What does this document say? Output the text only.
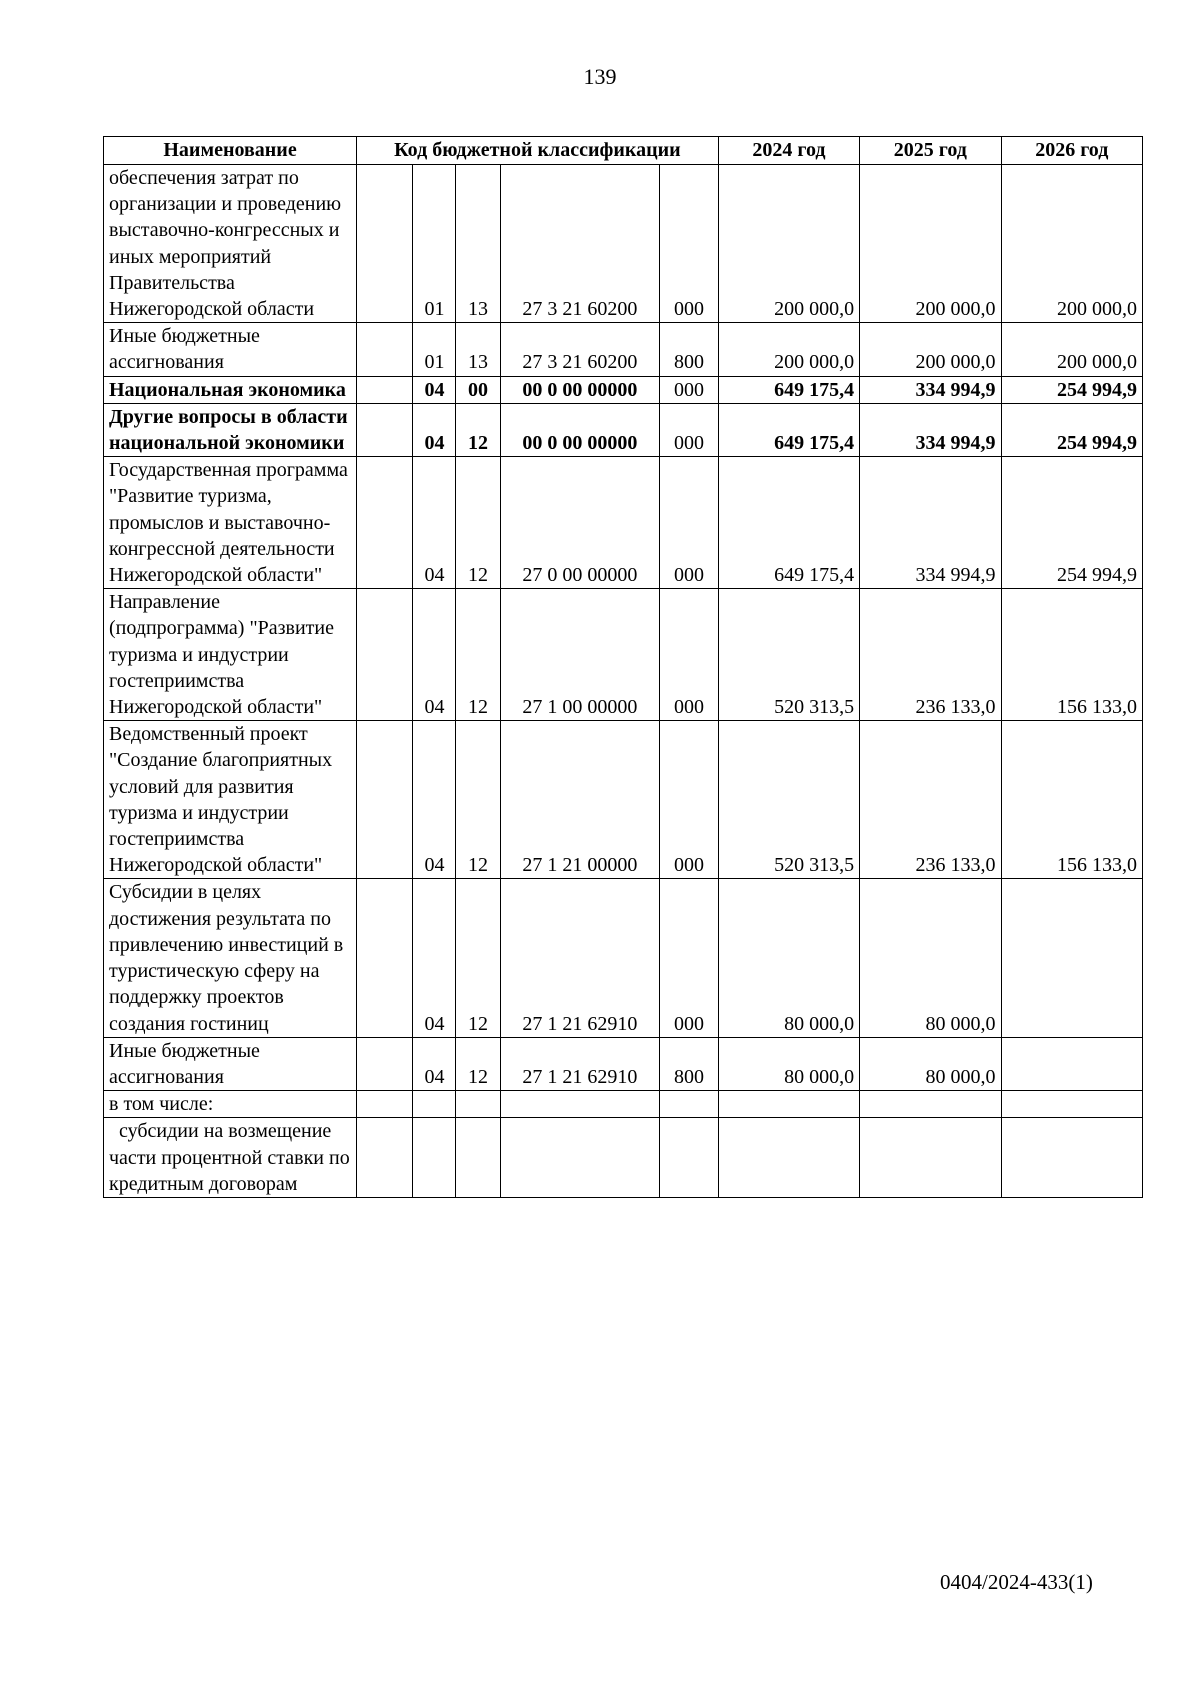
139
Наименование	Код бюджетной классификации					2024 год	2025 год	2026 год
обеспечения затрат по организации и проведению выставочно-конгрессных и иных мероприятий Правительства Нижегородской области		01	13	27 3 21 60200	000	200 000,0	200 000,0	200 000,0
Иные бюджетные ассигнования		01	13	27 3 21 60200	800	200 000,0	200 000,0	200 000,0
Национальная экономика		04	00	00 0 00 00000	000	649 175,4	334 994,9	254 994,9
Другие вопросы в области национальной экономики		04	12	00 0 00 00000	000	649 175,4	334 994,9	254 994,9
Государственная программа "Развитие туризма, промыслов и выставочно-конгрессной деятельности Нижегородской области"		04	12	27 0 00 00000	000	649 175,4	334 994,9	254 994,9
Направление (подпрограмма) "Развитие туризма и индустрии гостеприимства Нижегородской области"		04	12	27 1 00 00000	000	520 313,5	236 133,0	156 133,0
Ведомственный проект "Создание благоприятных условий для развития туризма и индустрии гостеприимства Нижегородской области"		04	12	27 1 21 00000	000	520 313,5	236 133,0	156 133,0
Субсидии в целях достижения результата по привлечению инвестиций в туристическую сферу на поддержку проектов создания гостиниц		04	12	27 1 21 62910	000	80 000,0	80 000,0	
Иные бюджетные ассигнования		04	12	27 1 21 62910	800	80 000,0	80 000,0	
в том числе:								
субсидии на возмещение части процентной ставки по кредитным договорам								
0404/2024-433(1)
